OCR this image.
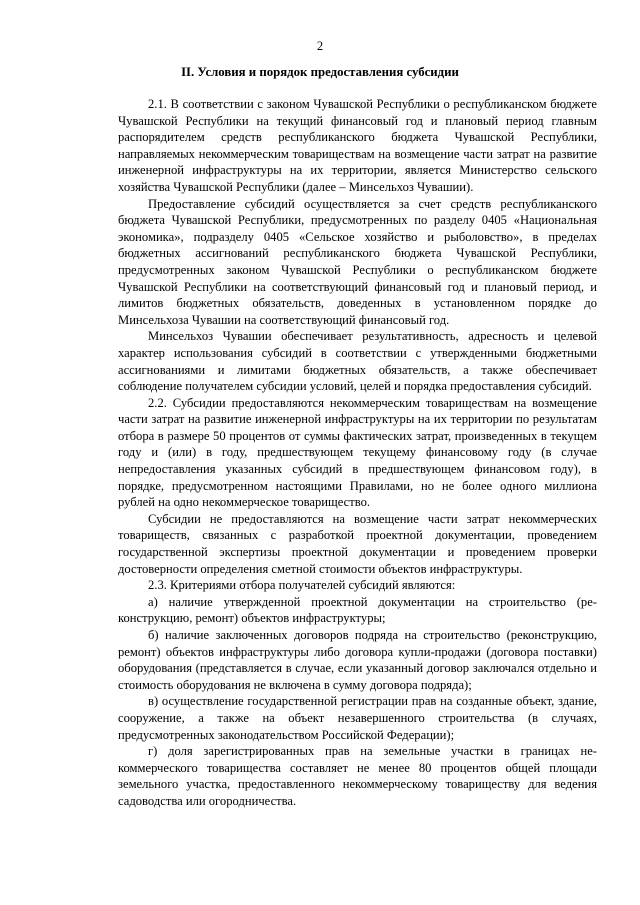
2
II. Условия и порядок предоставления субсидии

2.1. В соответствии с законом Чувашской Республики о республиканском бюджете Чувашской Республики на текущий финансовый год и плановый период главным распорядителем средств республиканского бюджета Чувашской Республики, направляемых некоммерческим товариществам на возмещение части затрат на развитие инженерной инфраструктуры на их территории, является Министерство сельского хозяйства Чувашской Республики (далее – Минсельхоз Чувашии).

Предоставление субсидий осуществляется за счет средств республиканского бюджета Чувашской Республики, предусмотренных по разделу 0405 «Национальная экономика», подразделу 0405 «Сельское хозяйство и рыболовство», в пределах бюджетных ассигнований республиканского бюджета Чувашской Республики, предусмотренных законом Чувашской Республики о республиканском бюджете Чувашской Республики на соответствующий финансовый год и плановый период, и лимитов бюджетных обязательств, доведенных в установленном порядке до Минсельхоза Чувашии на соответствующий финансовый год.

Минсельхоз Чувашии обеспечивает результативность, адресность и целевой характер использования субсидий в соответствии с утвержденными бюджетными ассигнованиями и лимитами бюджетных обязательств, а также обеспечивает соблюдение получателем субсидии условий, целей и порядка предоставления субсидий.

2.2. Субсидии предоставляются некоммерческим товариществам на возмещение части затрат на развитие инженерной инфраструктуры на их территории по результатам отбора в размере 50 процентов от суммы фактических затрат, произведенных в текущем году и (или) в году, предшествующем текущему финансовому году (в случае непредоставления указанных субсидий в предшествующем финансовом году), в порядке, предусмотренном настоящими Правилами, но не более одного миллиона рублей на одно некоммерческое товарищество.

Субсидии не предоставляются на возмещение части затрат некоммерческих товариществ, связанных с разработкой проектной документации, проведением государственной экспертизы проектной документации и проведением проверки достоверности определения сметной стоимости объектов инфраструктуры.

2.3. Критериями отбора получателей субсидий являются:

а) наличие утвержденной проектной документации на строительство (реконструкцию, ремонт) объектов инфраструктуры;

б) наличие заключенных договоров подряда на строительство (реконструкцию, ремонт) объектов инфраструктуры либо договора купли-продажи (договора поставки) оборудования (представляется в случае, если указанный договор заключался отдельно и стоимость оборудования не включена в сумму договора подряда);

в) осуществление государственной регистрации прав на созданные объект, здание, сооружение, а также на объект незавершенного строительства (в случаях, предусмотренных законодательством Российской Федерации);

г) доля зарегистрированных прав на земельные участки в границах некоммерческого товарищества составляет не менее 80 процентов общей площади земельного участка, предоставленного некоммерческому товариществу для ведения садоводства или огородничества.
